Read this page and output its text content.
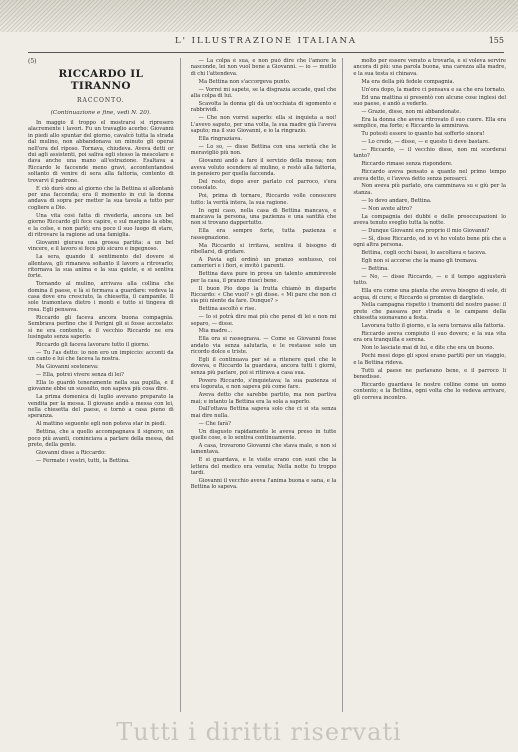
L' ILLUSTRAZIONE ITALIANA	155
(5)
RICCARDO IL TIRANNO
RACCONTO.
(Continuazione e fine, vedi N. 20).

In maggio il troppo el mostrarsi si ripresero alacremente i lavori. Fu un travaglio acerbo: Giovanni in piedi allo spuntar del giorno, cavalcò tutta la strada dal mulino, non abbandonava un minuto gli operai nell'ora del riposo. Tornava, chiudeva. Aveva detti or dui agli assistenti, poi saliva egli stesso la mescolare e dava anche una mano all'estrazione. Esaltava a Riccardo le faccende meno gravi, accontentandosi soltanto di venire di sera alla fattoria, contento di trovarvi il padrone.

E ciò durò sino al giorno che la Bettina si allontanò per una faccenda; era il momento in cui la donna andava di sopra per metter la sua tavola a tutto per cogliere a Dio.

Una vita cosi fatta di rivederla, ancora un bel giorno Riccardo gli fece capire, e sul margine la ebbe, e la colse, e non parlò; era poco il suo luogo di stare, di ritrovare la ragione ad una famiglia.

Giovanni giurava una grossa partita: a un bel vincere, e il lavoro si fece più sicuro e ingegnoso.

La sera, quando il sentimento del dovere si allentava, gli rimaneva soltanto il lavoro a ritrovarlo; ritornava la sua anima e la sua quiete, e si sentiva forte.

Tornando al mulino, arrivava alla collina che domina il paese, e là si fermava a guardare: vedeva la casa dove era cresciuto, la chiesetta, il campanile. Il sole tramontava dietro i monti e tutto si tingeva di rosa. Egli pensava.

Riccardo gli faceva ancora buona compagnia. Sembrava perfino che il Perigni gli si fosse accostato: sì ne era contento, e il vecchio Riccardo ne era lusingato senza saperlo.

Riccardo gli faceva lavorare tutto il giorno.

— Tu l'as detto: io non ero un impiccio: acconti da un canto e lui che faceva la nostra.

Ma Giovanni sosteneva:

— Ella, potrei vivere senza di lei?

Ella lo guardò teneramente nella sua pupilla, e il giovanne ebbe un sussulto, non sapeva più cosa dire.

La prima domenica di luglio avevano preparato la vendita per la messa. Il giovane andò a messa con lei, nella chiesetta del paese, e tornò a casa pieno di speranza.

Al mattino seguente egli non poteva star in piedi.

Bettina, che a quello accompagnava il signore, un poco più avanti, cominciava a parlare della messa, del prete, della gente.

Giovanni disse a Riccardo:

— Fermate i vostri, tutti, la Bettina.

— La colpa è sua, e non può dire che l'amore le nasconde, lei non vuol bene a Giovanni. — io — mutilo di chi l'attendeva.

Ma Bettina non s'accorgeva punto.

— Vorrei mi sapete, se la disgrazia accade, quel che alla colpa di lui.

Scavolta la donna gli dà un'occhiata di sgomento e rabbrividì.

— Che non vorrei saperlo: ella si inquieta a noi! L'avevo saputo, per una volta, la sua madre già l'aveva saputo; ma il suo Giovanni, e io la ringrazio.

Ella ringraziava.

— Lo so, — disse Bettina con una serietà che le meravigliò più non.

Giovanni andò a fare il servizio della messa; non aveva voluto scendere al mulino, e restò alla fattoria, in pensiero per quella faccenda.

Del resto, dopo aver parlato col parroco, s'era consolato.

Poi, prima di tornare, Riccardo volle conoscere tutto: la verità intera, la sua ragione.

In ogni caso, nella casa di Bettina mancava, e mancava la persona, una pazienza e una santità che non si trovano dappertutto.

Ella era sempre forte, tutta pazienza e rassegnazione.

Ma Riccardo si irritava, sentiva il bisogno di ribellarsi, di gridare.

A Pavia egli ordinò un pranzo sontuoso, coi camerieri e i fiori, e invitò i parenti.

Bettina dava pure in prova un talento ammirevole per la casa, il pranzo riuscì bene.

Il buon Pio dopo la frutta chiamò in disparte Riccardo: « Che vuoi? » gli disse. « Mi pare che non ci sia più niente da fare. Dunque? »

Bettina ascoltò e rise.

— Io si potrà dire mai più che pensi di lei e non mi separo, — disse.

Mia madre...

Ella ora si rassegnava. — Come se Giovanni fosse andato via senza salutarla, e le restasse solo un ricordo dolce e triste.

Egli il continuava per sé a ritenere quel che le doveva, e Riccardo la guardava, ancora tutti i giorni, senza più parlare, poi si ritirava a casa sua.

Povero Riccardo, s'inquietava; la sua pazienza si era logorata, e non sapeva più come fare.

Aveva detto che sarebbe partito, ma non partiva mai; e intanto la Bettina era la sola a saperlo.

Dall'ottava Bettina sapeva solo che ci si sta senza mai dire nulla.

— Che farà?

Un disgusto rapidamente le aveva preso in tutte quelle cose, e lo sentiva continuamente.

A casa, trovarono Giovanni che stava male, e non si lamentava.

E si guardava, e le visite erano con suoi che la lettera del medico era venuta; Nella notte fu troppo tardi.

Giovanni il vecchio aveva l'anima buona e sana, e la Bettina lo sapeva.

molto per essere venuto a trovarla, e si voleva servire ancora di più: una parola buona, una carezza alla madre, e la sua testa si chinava.

Ma era della più fedele compagnia.

Un'ora dopo, la madre ci pensava e sa che era tornato.

Ed una mattina si presentò con alcune cose inglesi del suo paese, e andò a vederlo.

— Grazie, disse, non mi abbandonate.

Era la donna che aveva ritrovato il suo cuore. Ella era semplice, ma forte; e Riccardo la ammirava.

Tu potesti essere io quanto hai sofferto sinora!

— Lo credo, — disse, — e questo ti deve bastare.

— Riccardo, — il vecchio disse, non mi scorderai tanto?

Riccardo rimase senza rispondere.

Riccardo aveva pensato a quanto nel primo tempo aveva detto, e l'aveva detto senza pensarci.

Non aveva più parlato, ora camminava su e giù per la stanza.

— Io devo andare, Bettina.

— Non avete altro?

La compagnia dei dubbi e delle preoccupazioni lo aveva tenuto sveglio tutta la notte.

— Dunque Giovanni era proprio il mio Giovanni?

— Sì, disse Riccardo, ed io vi ho voluto bene più che a ogni altra persona.

Bettina, cogli occhi bassi, lo ascoltava e taceva.

Egli non si accorse che la mano gli tremava.

— Bettina.

— No, — disse Riccardo, — e il tempo aggiusterà tutto.

Ella era come una pianta che aveva bisogno di sole, di acqua, di cure; e Riccardo si promise di dargliele.

Nella campagna rispetto i tramonti del nostro paese: il prete che passava per strada e le campane della chiesetta suonavano a festa.

Lavorava tutto il giorno, e la sera tornava alla fattoria.

Riccardo aveva compiuto il suo dovere; e la sua vita era ora tranquilla e serena.

Non lo lasciate mai di lui, e dite che era un buono.

Pochi mesi dopo gli sposi erano partiti per un viaggio, e la Bettina rideva.

Tutti al paese ne parlavano bene, e il parroco li benedisse.

Riccardo guardava le nostre colline come un uomo contento; e la Bettina, ogni volta che lo vedeva arrivare, gli correva incontro.

Tutti i diritti riservati
